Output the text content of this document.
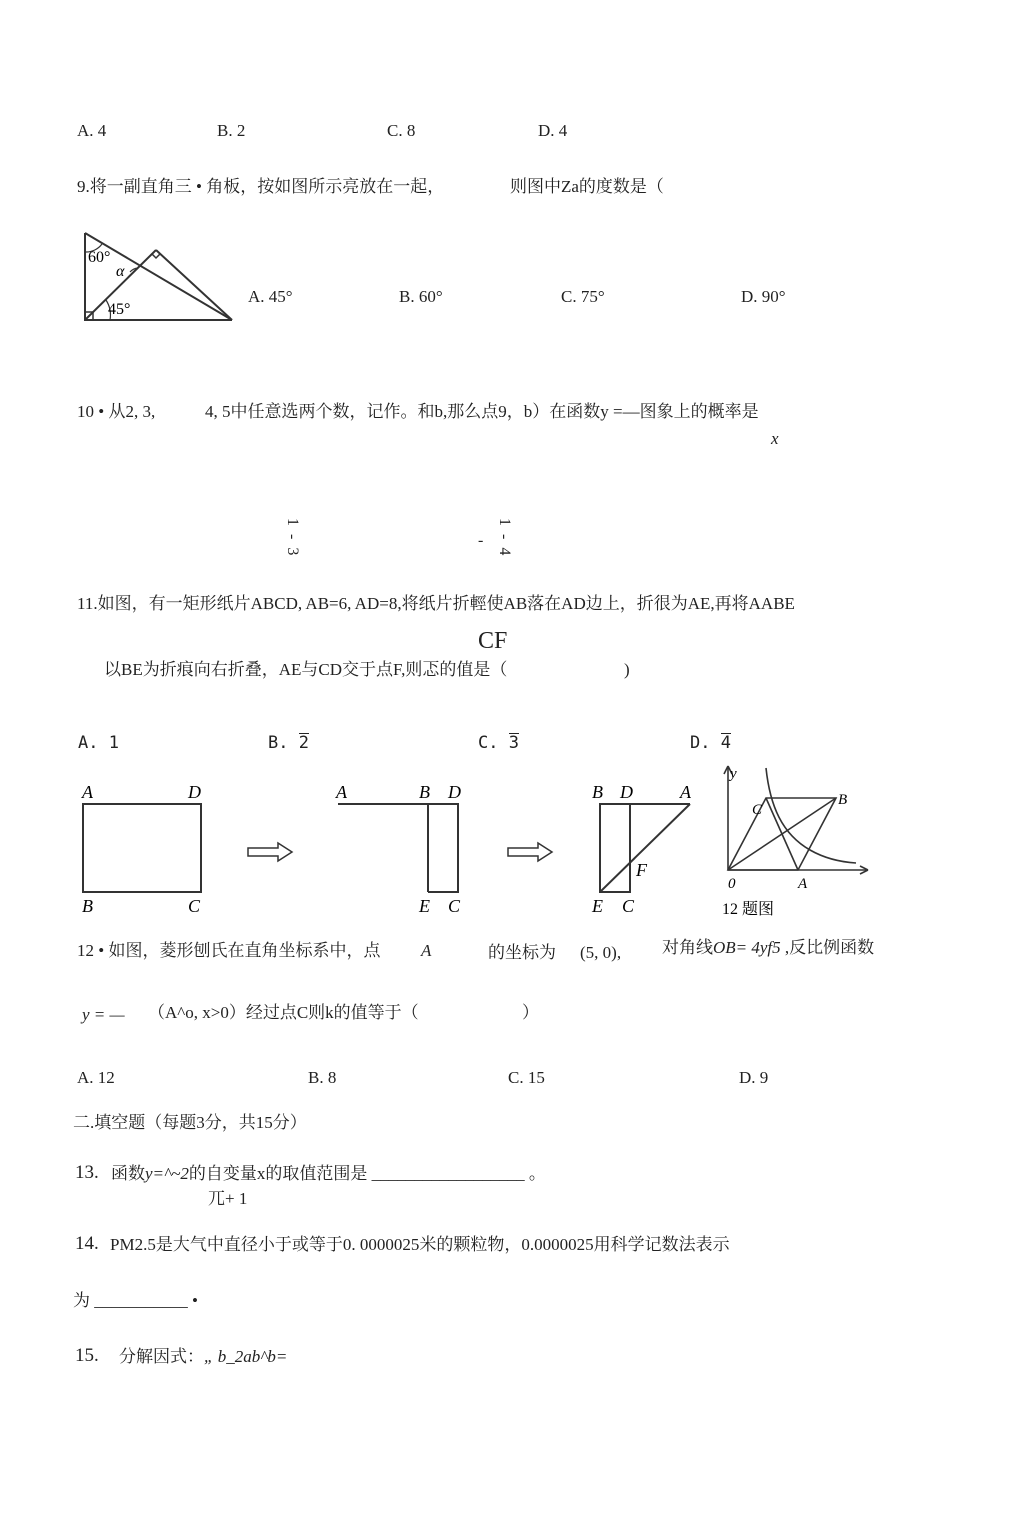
A. 4	B. 2	C. 8	D. 4
9.将一副直角三 • 角板，按如图所示亮放在一起，	则图中Za的度数是（
60°
α
45°
A. 45°	B. 60°	C. 75°	D. 90°
10 • 从2, 3,	4, 5中任意选两个数，记作。和b,那么点9，b）在函数y =—图象上的概率是
x
1 - 3	- 1 - 4
11.如图，有一矩形纸片ABCD, AB=6, AD=8,将纸片折輕使AB落在AD边上，折很为AE,再将AABE
CF
以BE为折痕向右折叠，AE与CD交于点F,则忑的值是（	)
A. 1	B. 2	C. 3	D. 4
A	D
B	C
A	B D
E C
B D	A
F
E C
y
C
B
0	A
12 题图
12 • 如图，菱形刨氏在直角坐标系中，点 A	的坐标为 (5, 0), 对角线OB= 4yf5 ,反比例函数
y = — （A^o, x>0）经过点C则k的值等于（	）
A. 12	B. 8	C. 15	D. 9
二.填空题（每题3分，共15分）
13. 函数y=^~2的自变量x的取值范围是 __________________ 。
兀+ 1
14. PM2.5是大气中直径小于或等于0. 0000025米的颗粒物，0.0000025用科学记数法表示
为 ___________ •
15. 分解因式：„ b_2ab^b=
